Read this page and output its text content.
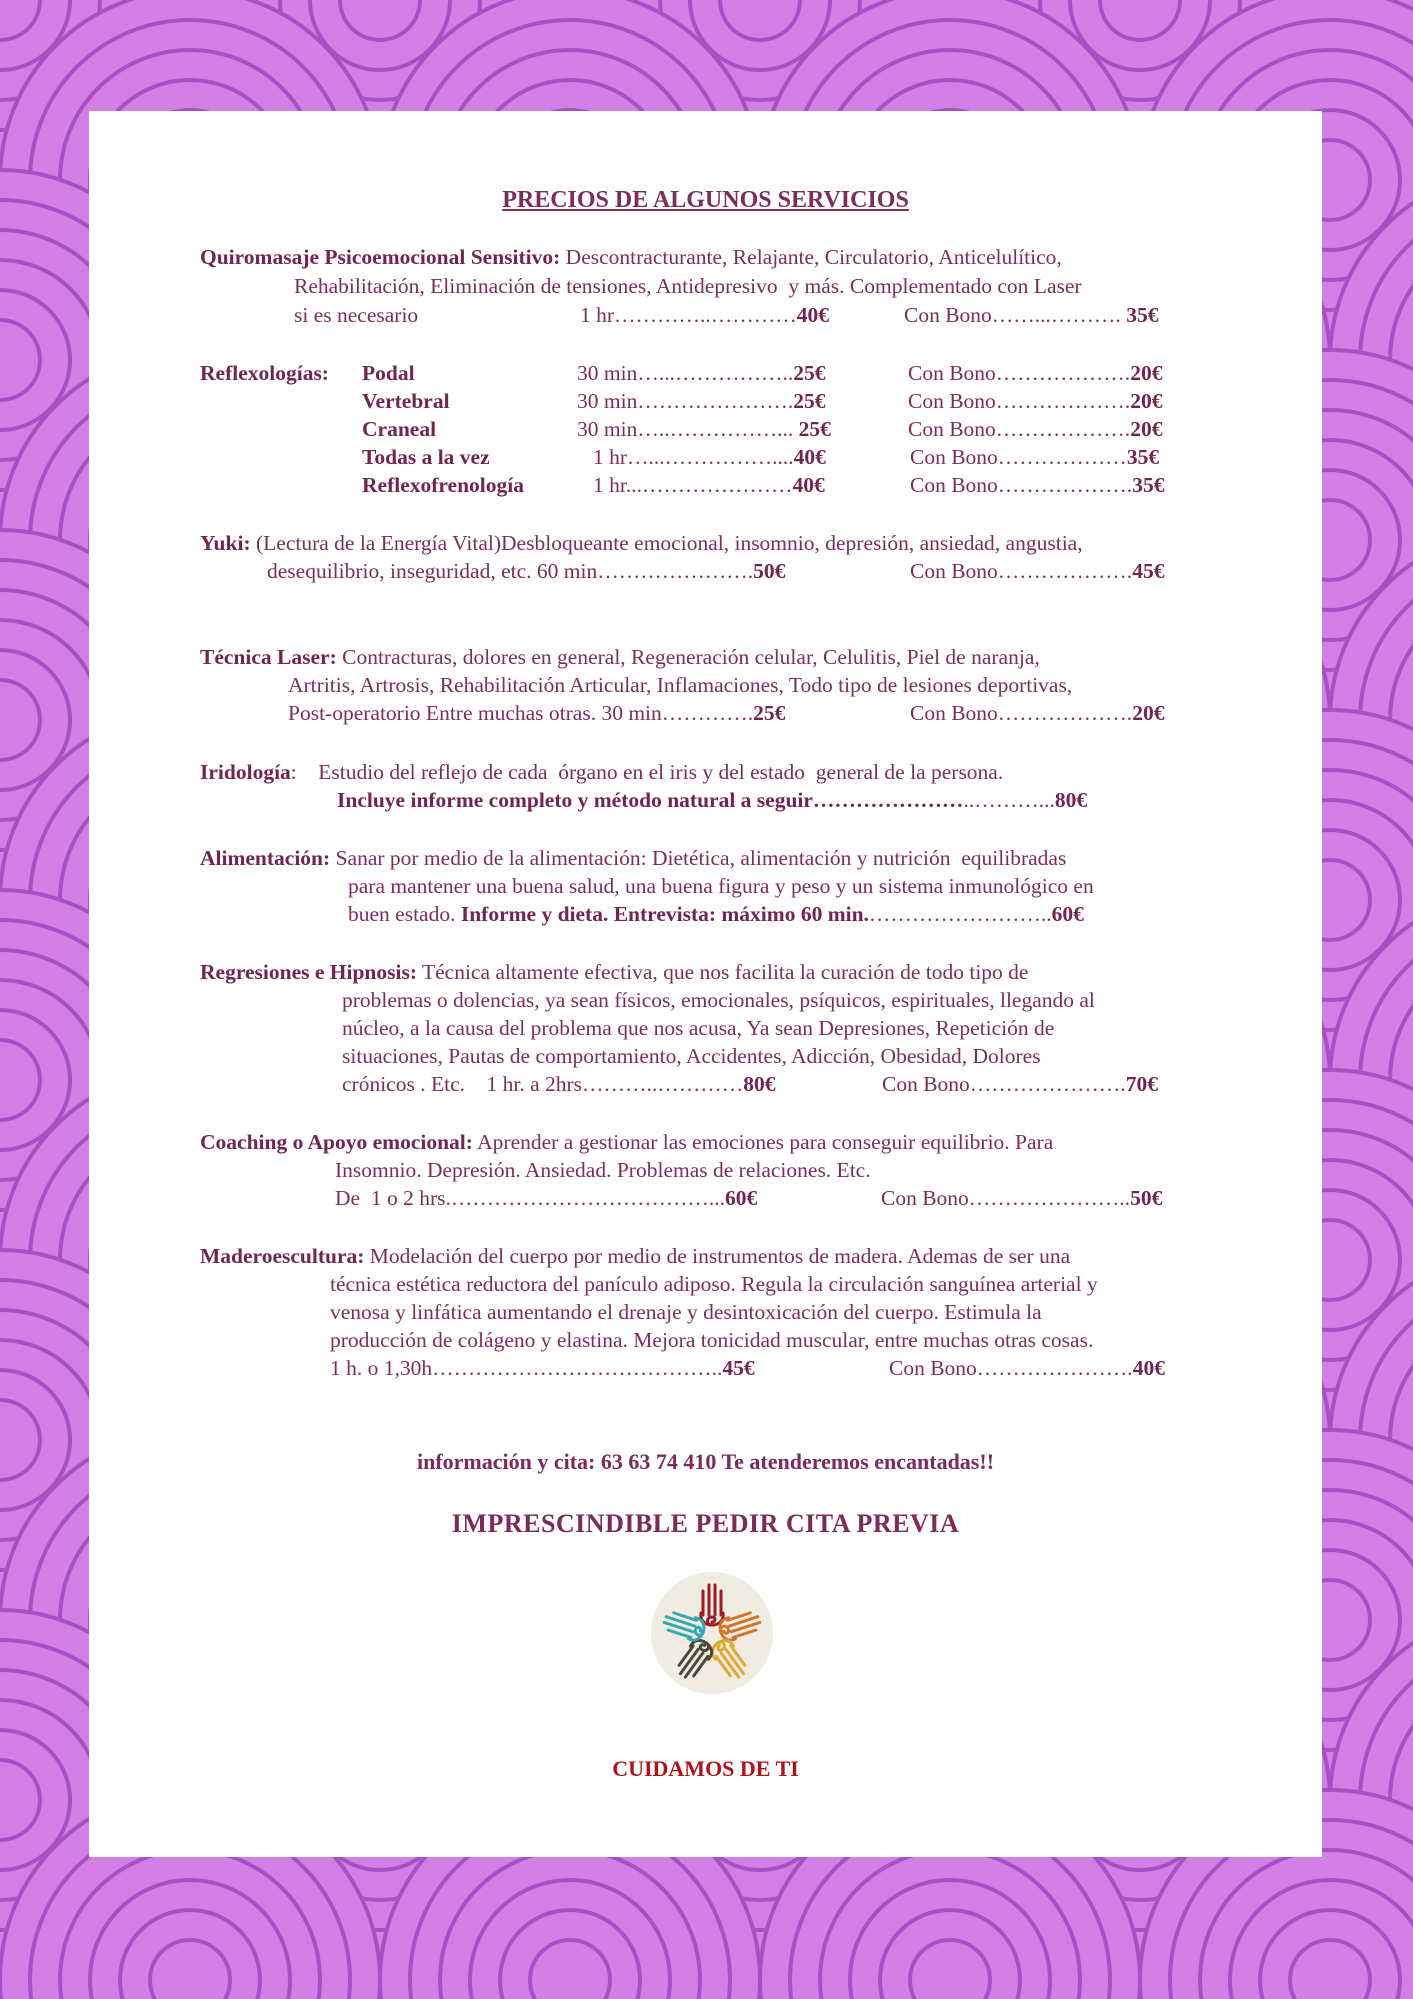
PRECIOS DE ALGUNOS SERVICIOS
Quiromasaje Psicoemocional Sensitivo: Descontracturante, Relajante, Circulatorio, Anticelulítico,
Rehabilitación, Eliminación de tensiones, Antidepresivo  y más. Complementado con Laser
si es necesario	1 hr…………..…………40€	Con Bono……...………. 35€
Reflexologías: Podal	30 min…...……………..25€	Con Bono……………….20€
Vertebral	30 min………………….25€	Con Bono……………….20€
Craneal	30 min…..……………... 25€	Con Bono……………….20€
Todas a la vez	1 hr…...……………....40€	Con Bono………………35€
Reflexofrenología	1 hr...…………………40€	Con Bono……………….35€
Yuki: (Lectura de la Energía Vital)Desbloqueante emocional, insomnio, depresión, ansiedad, angustia,
desequilibrio, inseguridad, etc. 60 min………………….50€	Con Bono……………….45€
Técnica Laser: Contracturas, dolores en general, Regeneración celular, Celulitis, Piel de naranja,
Artritis, Artrosis, Rehabilitación Articular, Inflamaciones, Todo tipo de lesiones deportivas,
Post-operatorio Entre muchas otras. 30 min………….25€	Con Bono……………….20€
Iridología:    Estudio del reflejo de cada  órgano en el iris y del estado  general de la persona.
Incluye informe completo y método natural a seguir…………………..………...80€
Alimentación: Sanar por medio de la alimentación: Dietética, alimentación y nutrición  equilibradas
para mantener una buena salud, una buena figura y peso y un sistema inmunológico en
buen estado. Informe y dieta. Entrevista: máximo 60 min.……………………..60€
Regresiones e Hipnosis: Técnica altamente efectiva, que nos facilita la curación de todo tipo de
problemas o dolencias, ya sean físicos, emocionales, psíquicos, espirituales, llegando al
núcleo, a la causa del problema que nos acusa, Ya sean Depresiones, Repetición de
situaciones, Pautas de comportamiento, Accidentes, Adicción, Obesidad, Dolores
crónicos . Etc.    1 hr. a 2hrs………..…………80€	Con Bono………………….70€
Coaching o Apoyo emocional: Aprender a gestionar las emociones para conseguir equilibrio. Para
Insomnio. Depresión. Ansiedad. Problemas de relaciones. Etc.
De  1 o 2 hrs.………………………………...60€	Con Bono…………………..50€
Maderoescultura: Modelación del cuerpo por medio de instrumentos de madera. Ademas de ser una
técnica estética reductora del panículo adiposo. Regula la circulación sanguínea arterial y
venosa y linfática aumentando el drenaje y desintoxicación del cuerpo. Estimula la
producción de colágeno y elastina. Mejora tonicidad muscular, entre muchas otras cosas.
1 h. o 1,30h…………………………………..45€	Con Bono………………….40€
información y cita: 63 63 74 410 Te atenderemos encantadas!!
IMPRESCINDIBLE PEDIR CITA PREVIA
CUIDAMOS DE TI
